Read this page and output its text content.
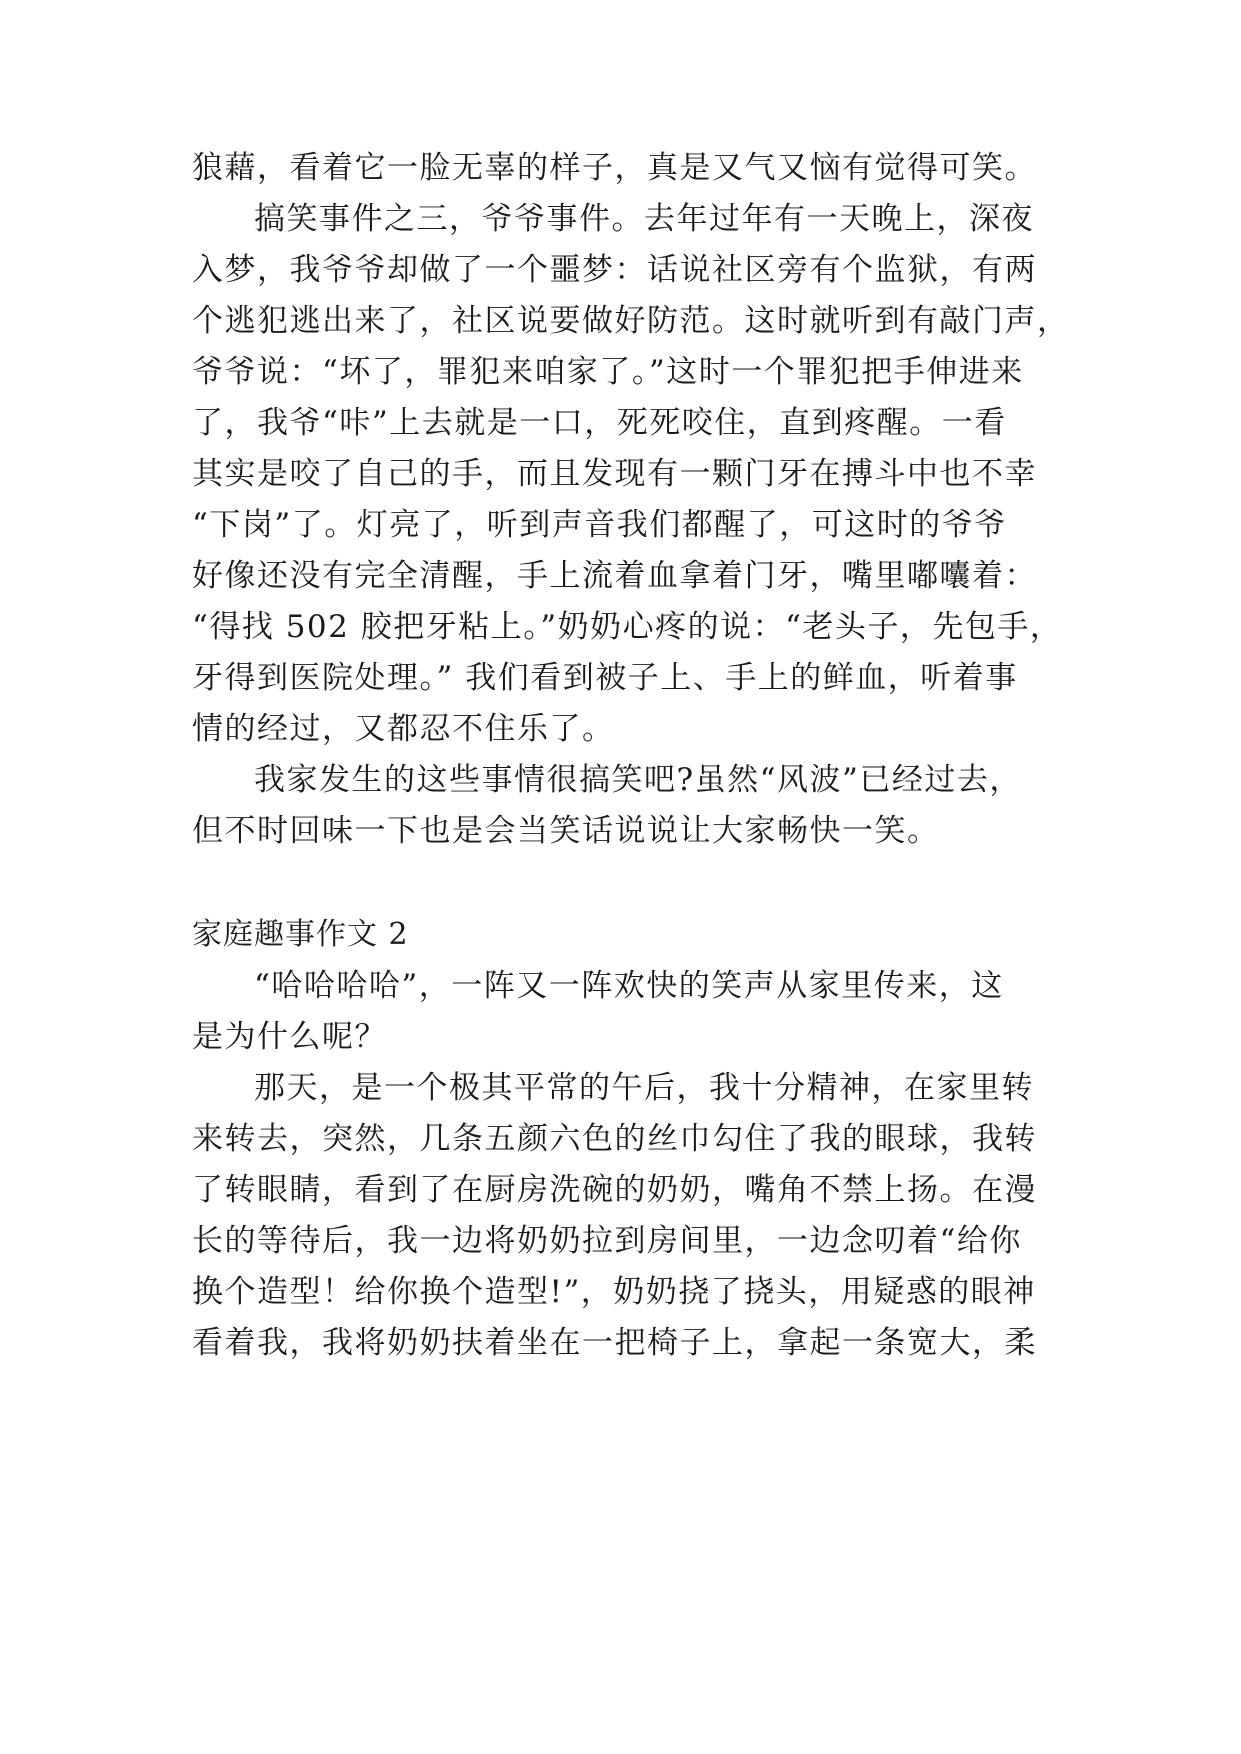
狼藉，看着它一脸无辜的样子，真是又气又恼有觉得可笑。
搞笑事件之三，爷爷事件。去年过年有一天晚上，深夜
入梦，我爷爷却做了一个噩梦：话说社区旁有个监狱，有两
个逃犯逃出来了，社区说要做好防范。这时就听到有敲门声，
爷爷说：“坏了，罪犯来咱家了。”这时一个罪犯把手伸进来
了，我爷“咔”上去就是一口，死死咬住，直到疼醒。一看
其实是咬了自己的手，而且发现有一颗门牙在搏斗中也不幸
“下岗”了。灯亮了，听到声音我们都醒了，可这时的爷爷
好像还没有完全清醒，手上流着血拿着门牙，嘴里嘟囔着：
“得找 502 胶把牙粘上。”奶奶心疼的说：“老头子，先包手，
牙得到医院处理。” 我们看到被子上、手上的鲜血，听着事
情的经过，又都忍不住乐了。
我家发生的这些事情很搞笑吧?虽然“风波”已经过去，
但不时回味一下也是会当笑话说说让大家畅快一笑。
家庭趣事作文 2
“哈哈哈哈”，一阵又一阵欢快的笑声从家里传来，这
是为什么呢？
那天，是一个极其平常的午后，我十分精神，在家里转
来转去，突然，几条五颜六色的丝巾勾住了我的眼球，我转
了转眼睛，看到了在厨房洗碗的奶奶，嘴角不禁上扬。在漫
长的等待后，我一边将奶奶拉到房间里，一边念叨着“给你
换个造型！给你换个造型!”，奶奶挠了挠头，用疑惑的眼神
看着我，我将奶奶扶着坐在一把椅子上，拿起一条宽大，柔
